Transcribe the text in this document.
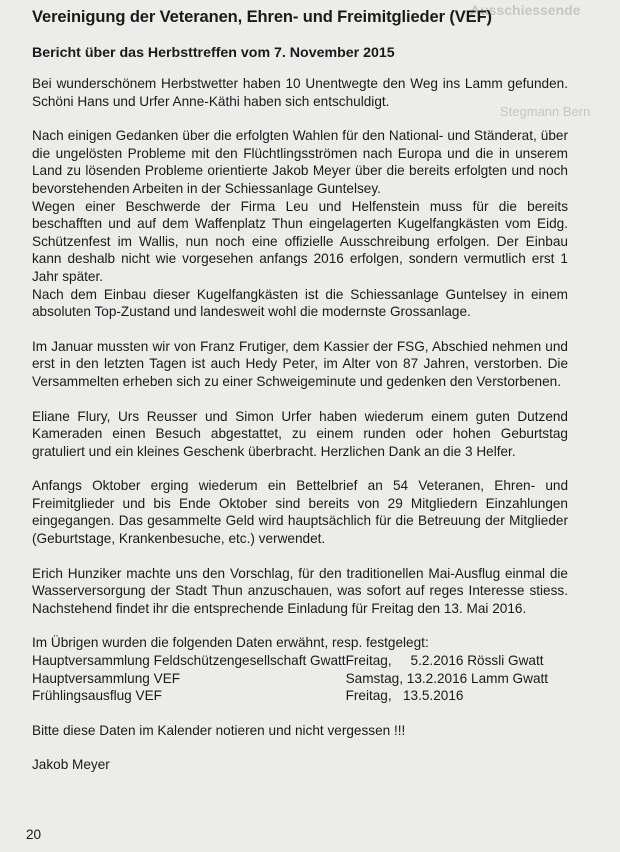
Ausschiessende
Stegmann Bern
Vereinigung der Veteranen, Ehren- und Freimitglieder (VEF)
Bericht über das Herbsttreffen vom 7. November 2015

Bei wunderschönem Herbstwetter haben 10 Unentwegte den Weg ins Lamm gefunden. Schöni Hans und Urfer Anne-Käthi haben sich entschuldigt.

Nach einigen Gedanken über die erfolgten Wahlen für den National- und Ständerat, über die ungelösten Probleme mit den Flüchtlingsströmen nach Europa und die in unserem Land zu lösenden Probleme orientierte Jakob Meyer über die bereits erfolgten und noch bevorstehenden Arbeiten in der Schiessanlage Guntelsey.

Wegen einer Beschwerde der Firma Leu und Helfenstein muss für die bereits beschafften und auf dem Waffenplatz Thun eingelagerten Kugelfangkästen vom Eidg. Schützenfest im Wallis, nun noch eine offizielle Ausschreibung erfolgen. Der Einbau kann deshalb nicht wie vorgesehen anfangs 2016 erfolgen, sondern vermutlich erst 1 Jahr später.

Nach dem Einbau dieser Kugelfangkästen ist die Schiessanlage Guntelsey in einem absoluten Top-Zustand und landesweit wohl die modernste Grossanlage.

Im Januar mussten wir von Franz Frutiger, dem Kassier der FSG, Abschied nehmen und erst in den letzten Tagen ist auch Hedy Peter, im Alter von 87 Jahren, verstorben. Die Versammelten erheben sich zu einer Schweigeminute und gedenken den Verstorbenen.

Eliane Flury, Urs Reusser und Simon Urfer haben wiederum einem guten Dutzend Kameraden einen Besuch abgestattet, zu einem runden oder hohen Geburtstag gratuliert und ein kleines Geschenk überbracht. Herzlichen Dank an die 3 Helfer.

Anfangs Oktober erging wiederum ein Bettelbrief an 54 Veteranen, Ehren- und Freimitglieder und bis Ende Oktober sind bereits von 29 Mitgliedern Einzahlungen eingegangen. Das gesammelte Geld wird hauptsächlich für die Betreuung der Mitglieder (Geburtstage, Krankenbesuche, etc.) verwendet.

Erich Hunziker machte uns den Vorschlag, für den traditionellen Mai-Ausflug einmal die Wasserversorgung der Stadt Thun anzuschauen, was sofort auf reges Interesse stiess. Nachstehend findet ihr die entsprechende Einladung für Freitag den 13. Mai 2016.

Im Übrigen wurden die folgenden Daten erwähnt, resp. festgelegt:

Hauptversammlung Feldschützengesellschaft Gwatt	Freitag,     5.2.2016 Rössli Gwatt
Hauptversammlung VEF	Samstag, 13.2.2016 Lamm Gwatt
Frühlingsausflug VEF	Freitag,   13.5.2016

Bitte diese Daten im Kalender notieren und nicht vergessen !!!

Jakob Meyer

20
